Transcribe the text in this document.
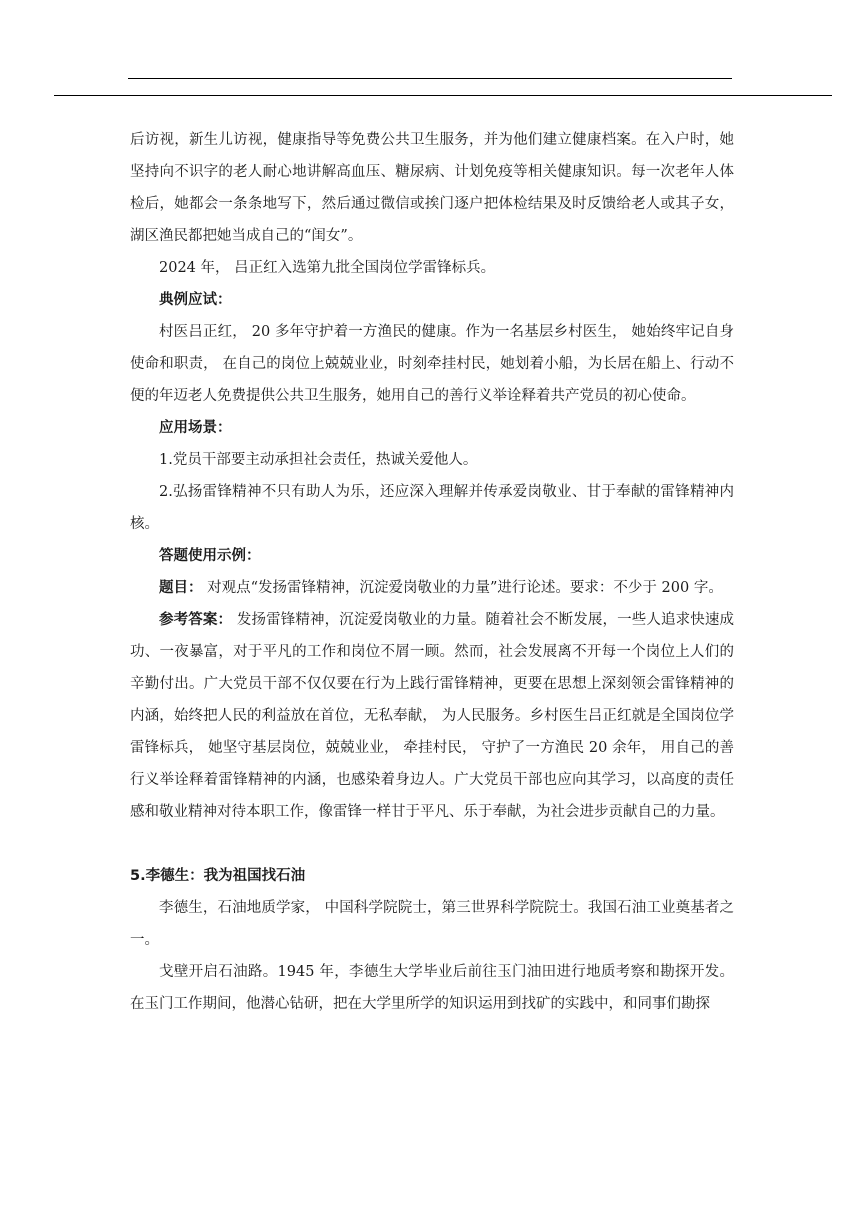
后访视，新生儿访视，健康指导等免费公共卫生服务，并为他们建立健康档案。在入户时，她坚持向不识字的老人耐心地讲解高血压、糖尿病、计划免疫等相关健康知识。每一次老年人体检后，她都会一条条地写下，然后通过微信或挨门逐户把体检结果及时反馈给老人或其子女， 湖区渔民都把她当成自己的“闺女”。

2024 年， 吕正红入选第九批全国岗位学雷锋标兵。

典例应试：

村医吕正红， 20 多年守护着一方渔民的健康。作为一名基层乡村医生， 她始终牢记自身使命和职责， 在自己的岗位上兢兢业业，时刻牵挂村民，她划着小船，为长居在船上、行动不便的年迈老人免费提供公共卫生服务，她用自己的善行义举诠释着共产党员的初心使命。

应用场景：

1.党员干部要主动承担社会责任，热诚关爱他人。

2.弘扬雷锋精神不只有助人为乐，还应深入理解并传承爱岗敬业、甘于奉献的雷锋精神内核。

答题使用示例：

题目： 对观点“发扬雷锋精神，沉淀爱岗敬业的力量”进行论述。要求：不少于 200 字。

参考答案： 发扬雷锋精神，沉淀爱岗敬业的力量。随着社会不断发展，一些人追求快速成功、一夜暴富，对于平凡的工作和岗位不屑一顾。然而，社会发展离不开每一个岗位上人们的辛勤付出。广大党员干部不仅仅要在行为上践行雷锋精神，更要在思想上深刻领会雷锋精神的内涵，始终把人民的利益放在首位，无私奉献， 为人民服务。乡村医生吕正红就是全国岗位学雷锋标兵， 她坚守基层岗位，兢兢业业， 牵挂村民， 守护了一方渔民 20 余年， 用自己的善行义举诠释着雷锋精神的内涵，也感染着身边人。广大党员干部也应向其学习，以高度的责任感和敬业精神对待本职工作，像雷锋一样甘于平凡、乐于奉献，为社会进步贡献自己的力量。

5.李德生：我为祖国找石油

李德生，石油地质学家， 中国科学院院士，第三世界科学院院士。我国石油工业奠基者之一。

戈壁开启石油路。1945 年，李德生大学毕业后前往玉门油田进行地质考察和勘探开发。在玉门工作期间，他潜心钻研，把在大学里所学的知识运用到找矿的实践中，和同事们勘探
